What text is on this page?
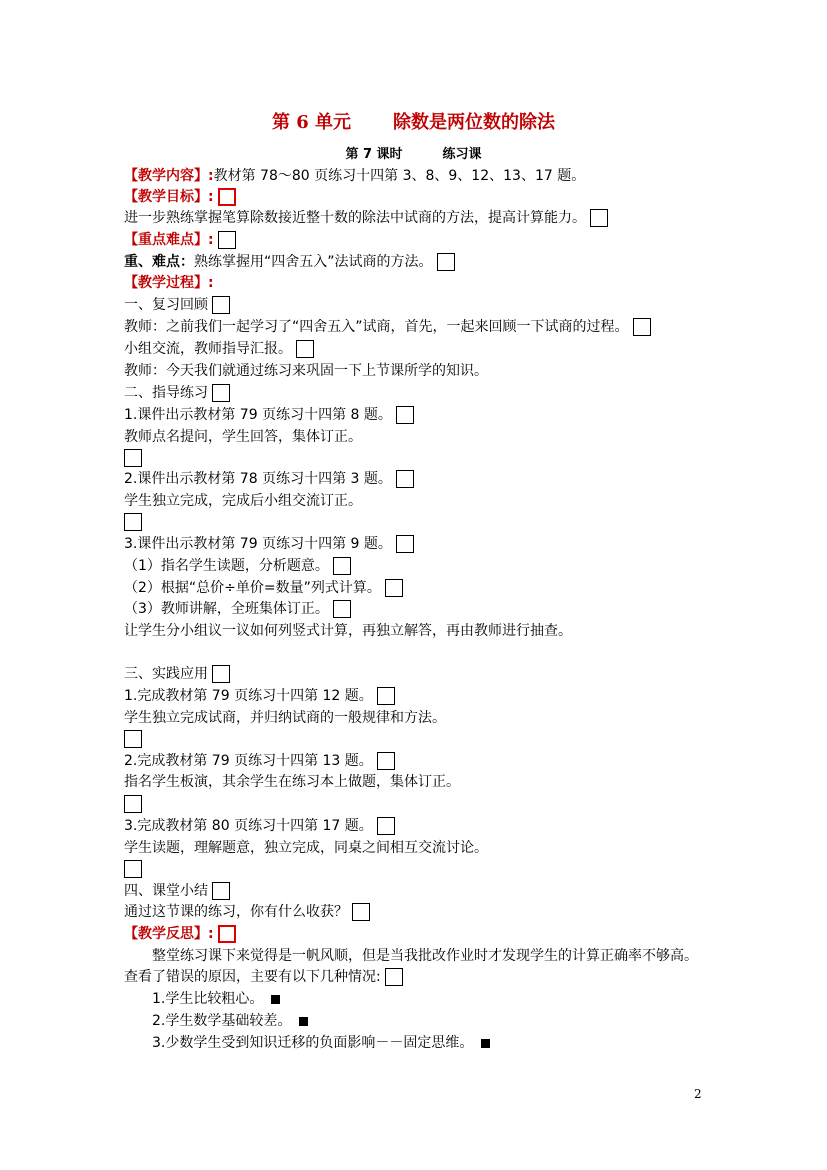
第 6 单元 除数是两位数的除法
第 7 课时	练习课
【教学内容】:教材第 78～80 页练习十四第 3、8、9、12、13、17 题。
【教学目标】:
进一步熟练掌握笔算除数接近整十数的除法中试商的方法，提高计算能力。
【重点难点】:
重、难点：熟练掌握用“四舍五入”法试商的方法。
【教学过程】:
一、复习回顾
教师：之前我们一起学习了“四舍五入”试商，首先，一起来回顾一下试商的过程。
小组交流，教师指导汇报。
教师：今天我们就通过练习来巩固一下上节课所学的知识。
二、指导练习
1.课件出示教材第 79 页练习十四第 8 题。
教师点名提问，学生回答，集体订正。
2.课件出示教材第 78 页练习十四第 3 题。
学生独立完成，完成后小组交流订正。
3.课件出示教材第 79 页练习十四第 9 题。
（1）指名学生读题，分析题意。
（2）根据“总价÷单价=数量”列式计算。
（3）教师讲解，全班集体订正。
让学生分小组议一议如何列竖式计算，再独立解答，再由教师进行抽查。
三、实践应用
1.完成教材第 79 页练习十四第 12 题。
学生独立完成试商，并归纳试商的一般规律和方法。
2.完成教材第 79 页练习十四第 13 题。
指名学生板演，其余学生在练习本上做题，集体订正。
3.完成教材第 80 页练习十四第 17 题。
学生读题，理解题意，独立完成，同桌之间相互交流讨论。
四、课堂小结
通过这节课的练习，你有什么收获？
【教学反思】:
整堂练习课下来觉得是一帆风顺，但是当我批改作业时才发现学生的计算正确率不够高。
查看了错误的原因，主要有以下几种情况:
1.学生比较粗心。
2.学生数学基础较差。
3.少数学生受到知识迁移的负面影响－－固定思维。
2
